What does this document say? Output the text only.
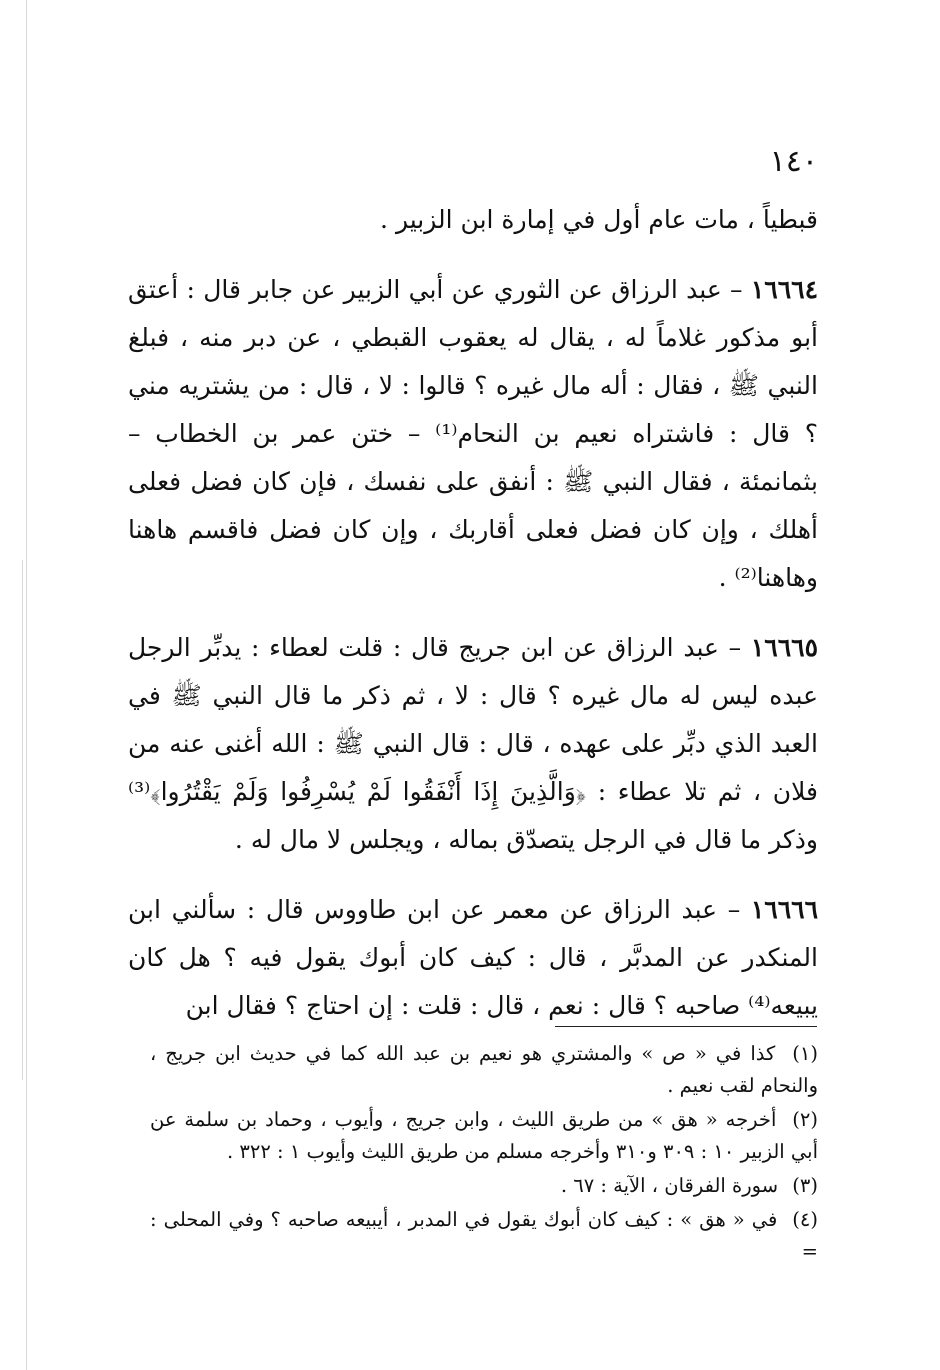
١٤٠

قبطياً ، مات عام أول في إمارة ابن الزبير .

١٦٦٦٤ – عبد الرزاق عن الثوري عن أبي الزبير عن جابر قال : أعتق أبو مذكور غلاماً له ، يقال له يعقوب القبطي ، عن دبر منه ، فبلغ النبي ﷺ ، فقال : أله مال غيره ؟ قالوا : لا ، قال : من يشتريه مني ؟ قال : فاشتراه نعيم بن النحام⁽¹⁾ – ختن عمر بن الخطاب – بثمانمئة ، فقال النبي ﷺ : أنفق على نفسك ، فإن كان فضل فعلى أهلك ، وإن كان فضل فعلى أقاربك ، وإن كان فضل فاقسم هاهنا وهاهنا⁽²⁾ .

١٦٦٦٥ – عبد الرزاق عن ابن جريج قال : قلت لعطاء : يدبِّر الرجل عبده ليس له مال غيره ؟ قال : لا ، ثم ذكر ما قال النبي ﷺ في العبد الذي دبِّر على عهده ، قال : قال النبي ﷺ : الله أغنى عنه من فلان ، ثم تلا عطاء : ﴿وَالَّذِينَ إِذَا أَنْفَقُوا لَمْ يُسْرِفُوا وَلَمْ يَقْتُرُوا﴾⁽³⁾ وذكر ما قال في الرجل يتصدّق بماله ، ويجلس لا مال له .

١٦٦٦٦ – عبد الرزاق عن معمر عن ابن طاووس قال : سألني ابن المنكدر عن المدبَّر ، قال : كيف كان أبوك يقول فيه ؟ هل كان يبيعه⁽⁴⁾ صاحبه ؟ قال : نعم ، قال : قلت : إن احتاج ؟ فقال ابن

(١) كذا في « ص » والمشتري هو نعيم بن عبد الله كما في حديث ابن جريج ، والنحام لقب نعيم .

(٢) أخرجه « هق » من طريق الليث ، وابن جريج ، وأيوب ، وحماد بن سلمة عن أبي الزبير ١٠ : ٣٠٩ و٣١٠ وأخرجه مسلم من طريق الليث وأيوب ١ : ٣٢٢ .

(٣) سورة الفرقان ، الآية : ٦٧ .

(٤) في « هق » : كيف كان أبوك يقول في المدبر ، أيبيعه صاحبه ؟ وفي المحلى : =
